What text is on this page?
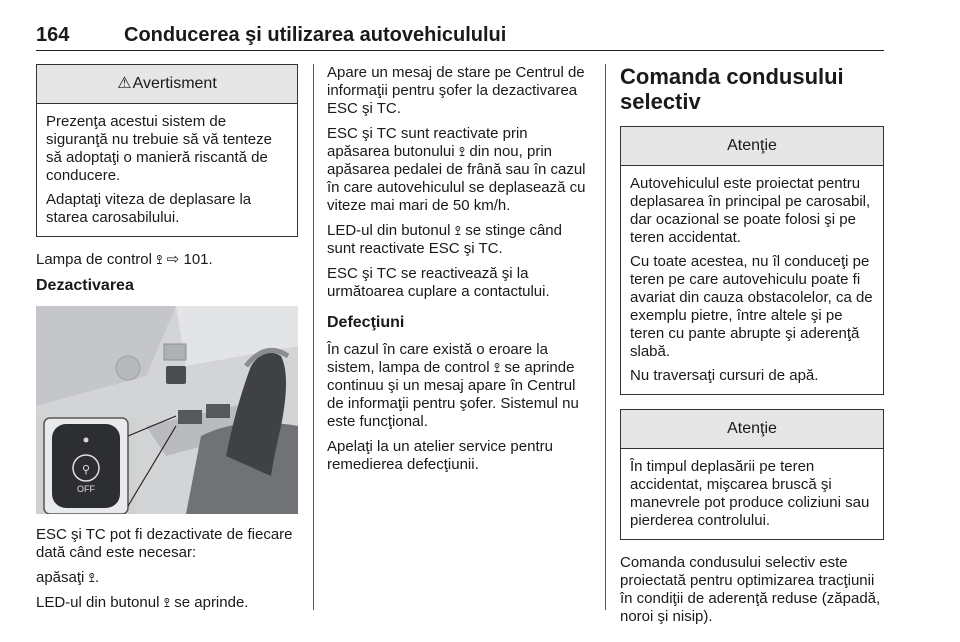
164	Conducerea şi utilizarea autovehiculului
⚠Avertisment

Prezenţa acestui sistem de siguranţă nu trebuie să vă tenteze să adoptaţi o manieră riscantă de conducere.

Adaptaţi viteza de deplasare la starea carosabilului.

Lampa de control ꖶ ⇨ 101.

Dezactivarea
⚲
OFF

ESC şi TC pot fi dezactivate de fiecare dată când este necesar:

apăsaţi ꖶ.

LED-ul din butonul ꖶ se aprinde.

Apare un mesaj de stare pe Centrul de informaţii pentru şofer la dezactivarea ESC şi TC.

ESC şi TC sunt reactivate prin apăsarea butonului ꖶ din nou, prin apăsarea pedalei de frână sau în cazul în care autovehiculul se deplasează cu viteze mai mari de 50 km/h.

LED-ul din butonul ꖶ se stinge când sunt reactivate ESC şi TC.

ESC şi TC se reactivează şi la următoarea cuplare a contactului.

Defecţiuni

În cazul în care există o eroare la sistem, lampa de control ꖶ se aprinde continuu şi un mesaj apare în Centrul de informaţii pentru şofer. Sistemul nu este funcţional.

Apelaţi la un atelier service pentru remedierea defecţiunii.

Comanda condusului selectiv
Atenţie

Autovehiculul este proiectat pentru deplasarea în principal pe carosabil, dar ocazional se poate folosi şi pe teren accidentat.

Cu toate acestea, nu îl conduceţi pe teren pe care autovehiculu poate fi avariat din cauza obstacolelor, ca de exemplu pietre, între altele şi pe teren cu pante abrupte şi aderenţă slabă.

Nu traversaţi cursuri de apă.

Atenţie

În timpul deplasării pe teren accidentat, mişcarea bruscă şi manevrele pot produce coliziuni sau pierderea controlului.

Comanda condusului selectiv este proiectată pentru optimizarea tracţiunii în condiţii de aderenţă reduse (zăpadă, noroi şi nisip).
